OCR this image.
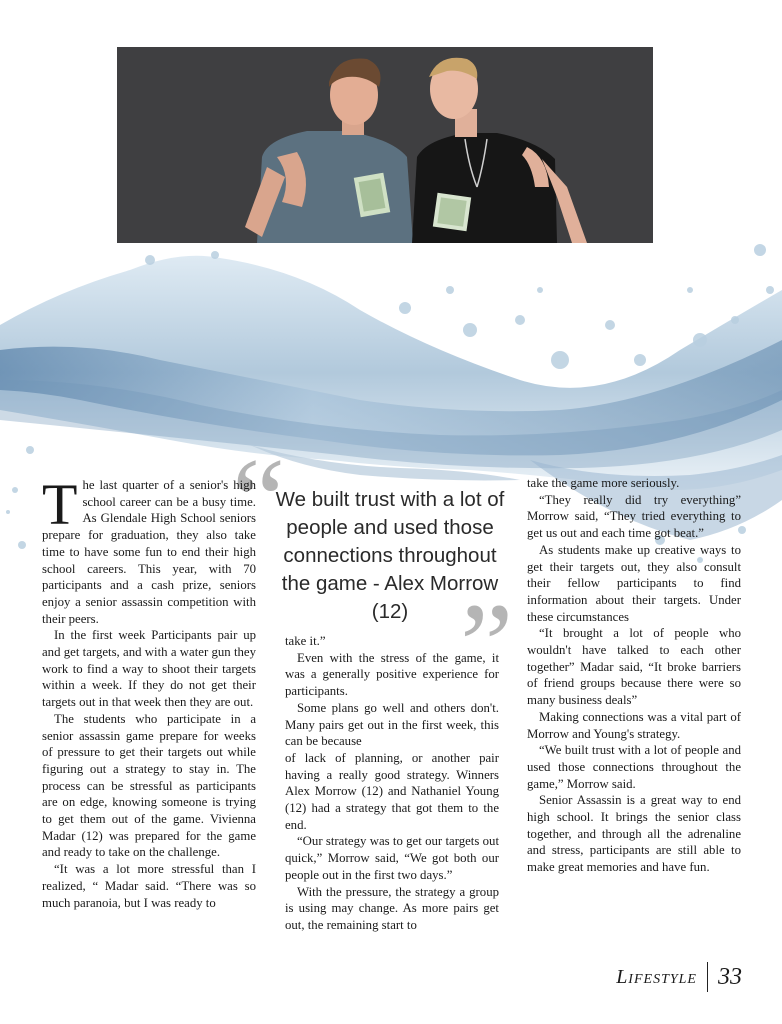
“
”
We built trust with a lot of people and used those connections throughout the game - Alex Morrow (12)

The last quarter of a senior's high school career can be a busy time. As Glendale High School seniors prepare for graduation, they also take time to have some fun to end their high school careers. This year, with 70 participants and a cash prize, seniors enjoy a senior assassin competition with their peers.

In the first week Participants pair up and get targets, and with a water gun they work to find a way to shoot their targets within a week. If they do not get their targets out in that week then they are out.

The students who participate in a senior assassin game prepare for weeks of pressure to get their targets out while figuring out a strategy to stay in. The process can be stressful as participants are on edge, knowing someone is trying to get them out of the game. Vivienna Madar (12) was prepared for the game and ready to take on the challenge.

“It was a lot more stressful than I realized, “ Madar said. “There was so much paranoia, but I was ready to

take it.”

Even with the stress of the game, it was a generally positive experience for participants.

Some plans go well and others don't. Many pairs get out in the first week, this can be because

of lack of planning, or another pair having a really good strategy. Winners Alex Morrow (12) and Nathaniel Young (12) had a strategy that got them to the end.

“Our strategy was to get our targets out quick,” Morrow said, “We got both our people out in the first two days.”

With the pressure, the strategy a group is using may change. As more pairs get out, the remaining start to

take the game more seriously.

“They really did try everything” Morrow said, “They tried everything to get us out and each time got beat.”

As students make up creative ways to get their targets out, they also consult their fellow participants to find information about their targets. Under these circumstances

“It brought a lot of people who wouldn't have talked to each other together” Madar said, “It broke barriers of friend groups because there were so many business deals”

Making connections was a vital part of Morrow and Young's strategy.

“We built trust with a lot of people and used those connections throughout the game,” Morrow said.

Senior Assassin is a great way to end high school. It brings the senior class together, and through all the adrenaline and stress, participants are still able to make great memories and have fun.

Lifestyle 33
